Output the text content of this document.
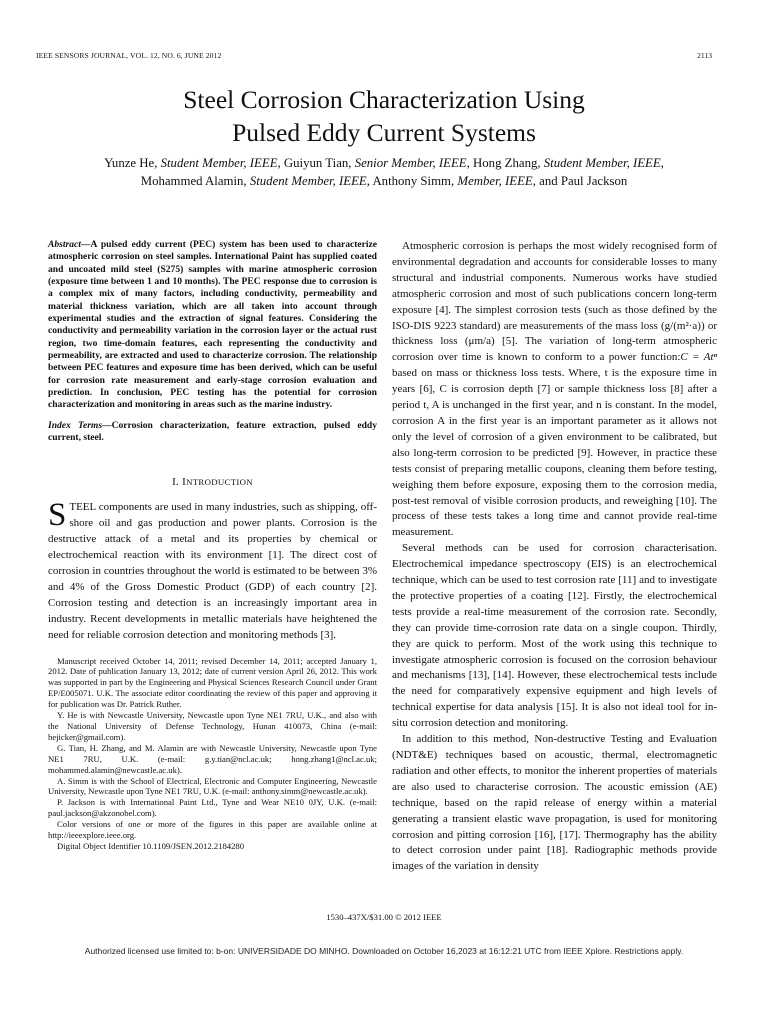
IEEE SENSORS JOURNAL, VOL. 12, NO. 6, JUNE 2012	2113
Steel Corrosion Characterization Using
Pulsed Eddy Current Systems
Yunze He, Student Member, IEEE, Guiyun Tian, Senior Member, IEEE, Hong Zhang, Student Member, IEEE,
Mohammed Alamin, Student Member, IEEE, Anthony Simm, Member, IEEE, and Paul Jackson
Abstract—A pulsed eddy current (PEC) system has been used to characterize atmospheric corrosion on steel samples. International Paint has supplied coated and uncoated mild steel (S275) samples with marine atmospheric corrosion (exposure time between 1 and 10 months). The PEC response due to corrosion is a complex mix of many factors, including conductivity, permeability and material thickness variation, which are all taken into account through experimental studies and the extraction of signal features. Considering the conductivity and permeability variation in the corrosion layer or the actual rust region, two time-domain features, each representing the conductivity and permeability, are extracted and used to characterize corrosion. The relationship between PEC features and exposure time has been derived, which can be useful for corrosion rate measurement and early-stage corrosion evaluation and prediction. In conclusion, PEC testing has the potential for corrosion characterization and monitoring in areas such as the marine industry.
Index Terms—Corrosion characterization, feature extraction, pulsed eddy current, steel.
I. INTRODUCTION
STEEL components are used in many industries, such as shipping, off-shore oil and gas production and power plants. Corrosion is the destructive attack of a metal and its properties by chemical or electrochemical reaction with its environment [1]. The direct cost of corrosion in countries throughout the world is estimated to be between 3% and 4% of the Gross Domestic Product (GDP) of each country [2]. Corrosion testing and detection is an increasingly important area in industry. Recent developments in metallic materials have heightened the need for reliable corrosion detection and monitoring methods [3].

Manuscript received October 14, 2011; revised December 14, 2011; accepted January 1, 2012. Date of publication January 13, 2012; date of current version April 26, 2012. This work was supported in part by the Engineering and Physical Sciences Research Council under Grant EP/E005071. U.K. The associate editor coordinating the review of this paper and approving it for publication was Dr. Patrick Ruther.

Y. He is with Newcastle University, Newcastle upon Tyne NE1 7RU, U.K., and also with the National University of Defense Technology, Hunan 410073, China (e-mail: hejicker@gmail.com).

G. Tian, H. Zhang, and M. Alamin are with Newcastle University, Newcastle upon Tyne NE1 7RU, U.K. (e-mail: g.y.tian@ncl.ac.uk; hong.zhang1@ncl.ac.uk; mohammed.alamin@newcastle.ac.uk).

A. Simm is with the School of Electrical, Electronic and Computer Engineering, Newcastle University, Newcastle upon Tyne NE1 7RU, U.K. (e-mail: anthony.simm@newcastle.ac.uk).

P. Jackson is with International Paint Ltd., Tyne and Wear NE10 0JY, U.K. (e-mail: paul.jackson@akzonobel.com).

Color versions of one or more of the figures in this paper are available online at http://ieeexplore.ieee.org.

Digital Object Identifier 10.1109/JSEN.2012.2184280

Atmospheric corrosion is perhaps the most widely recognised form of environmental degradation and accounts for considerable losses to many structural and industrial components. Numerous works have studied atmospheric corrosion and most of such publications concern long-term exposure [4]. The simplest corrosion tests (such as those defined by the ISO-DIS 9223 standard) are measurements of the mass loss (g/(m²·a)) or thickness loss (μm/a) [5]. The variation of long-term atmospheric corrosion over time is known to conform to a power function:C = Atⁿ based on mass or thickness loss tests. Where, t is the exposure time in years [6], C is corrosion depth [7] or sample thickness loss [8] after a period t, A is unchanged in the first year, and n is constant. In the model, corrosion A in the first year is an important parameter as it allows not only the level of corrosion of a given environment to be calibrated, but also long-term corrosion to be predicted [9]. However, in practice these tests consist of preparing metallic coupons, cleaning them before testing, weighing them before exposure, exposing them to the corrosion media, post-test removal of visible corrosion products, and reweighing [10]. The process of these tests takes a long time and cannot provide real-time measurement.

Several methods can be used for corrosion characterisation. Electrochemical impedance spectroscopy (EIS) is an electrochemical technique, which can be used to test corrosion rate [11] and to investigate the protective properties of a coating [12]. Firstly, the electrochemical tests provide a real-time measurement of the corrosion rate. Secondly, they can provide time-corrosion rate data on a single coupon. Thirdly, they are quick to perform. Most of the work using this technique to investigate atmospheric corrosion is focused on the corrosion behaviour and mechanisms [13], [14]. However, these electrochemical tests include the need for comparatively expensive equipment and high levels of technical expertise for data analysis [15]. It is also not ideal tool for in-situ corrosion detection and monitoring.

In addition to this method, Non-destructive Testing and Evaluation (NDT&E) techniques based on acoustic, thermal, electromagnetic radiation and other effects, to monitor the inherent properties of materials are also used to characterise corrosion. The acoustic emission (AE) technique, based on the rapid release of energy within a material generating a transient elastic wave propagation, is used for monitoring corrosion and pitting corrosion [16], [17]. Thermography has the ability to detect corrosion under paint [18]. Radiographic methods provide images of the variation in density

1530–437X/$31.00 © 2012 IEEE
Authorized licensed use limited to: b-on: UNIVERSIDADE DO MINHO. Downloaded on October 16,2023 at 16:12:21 UTC from IEEE Xplore. Restrictions apply.
